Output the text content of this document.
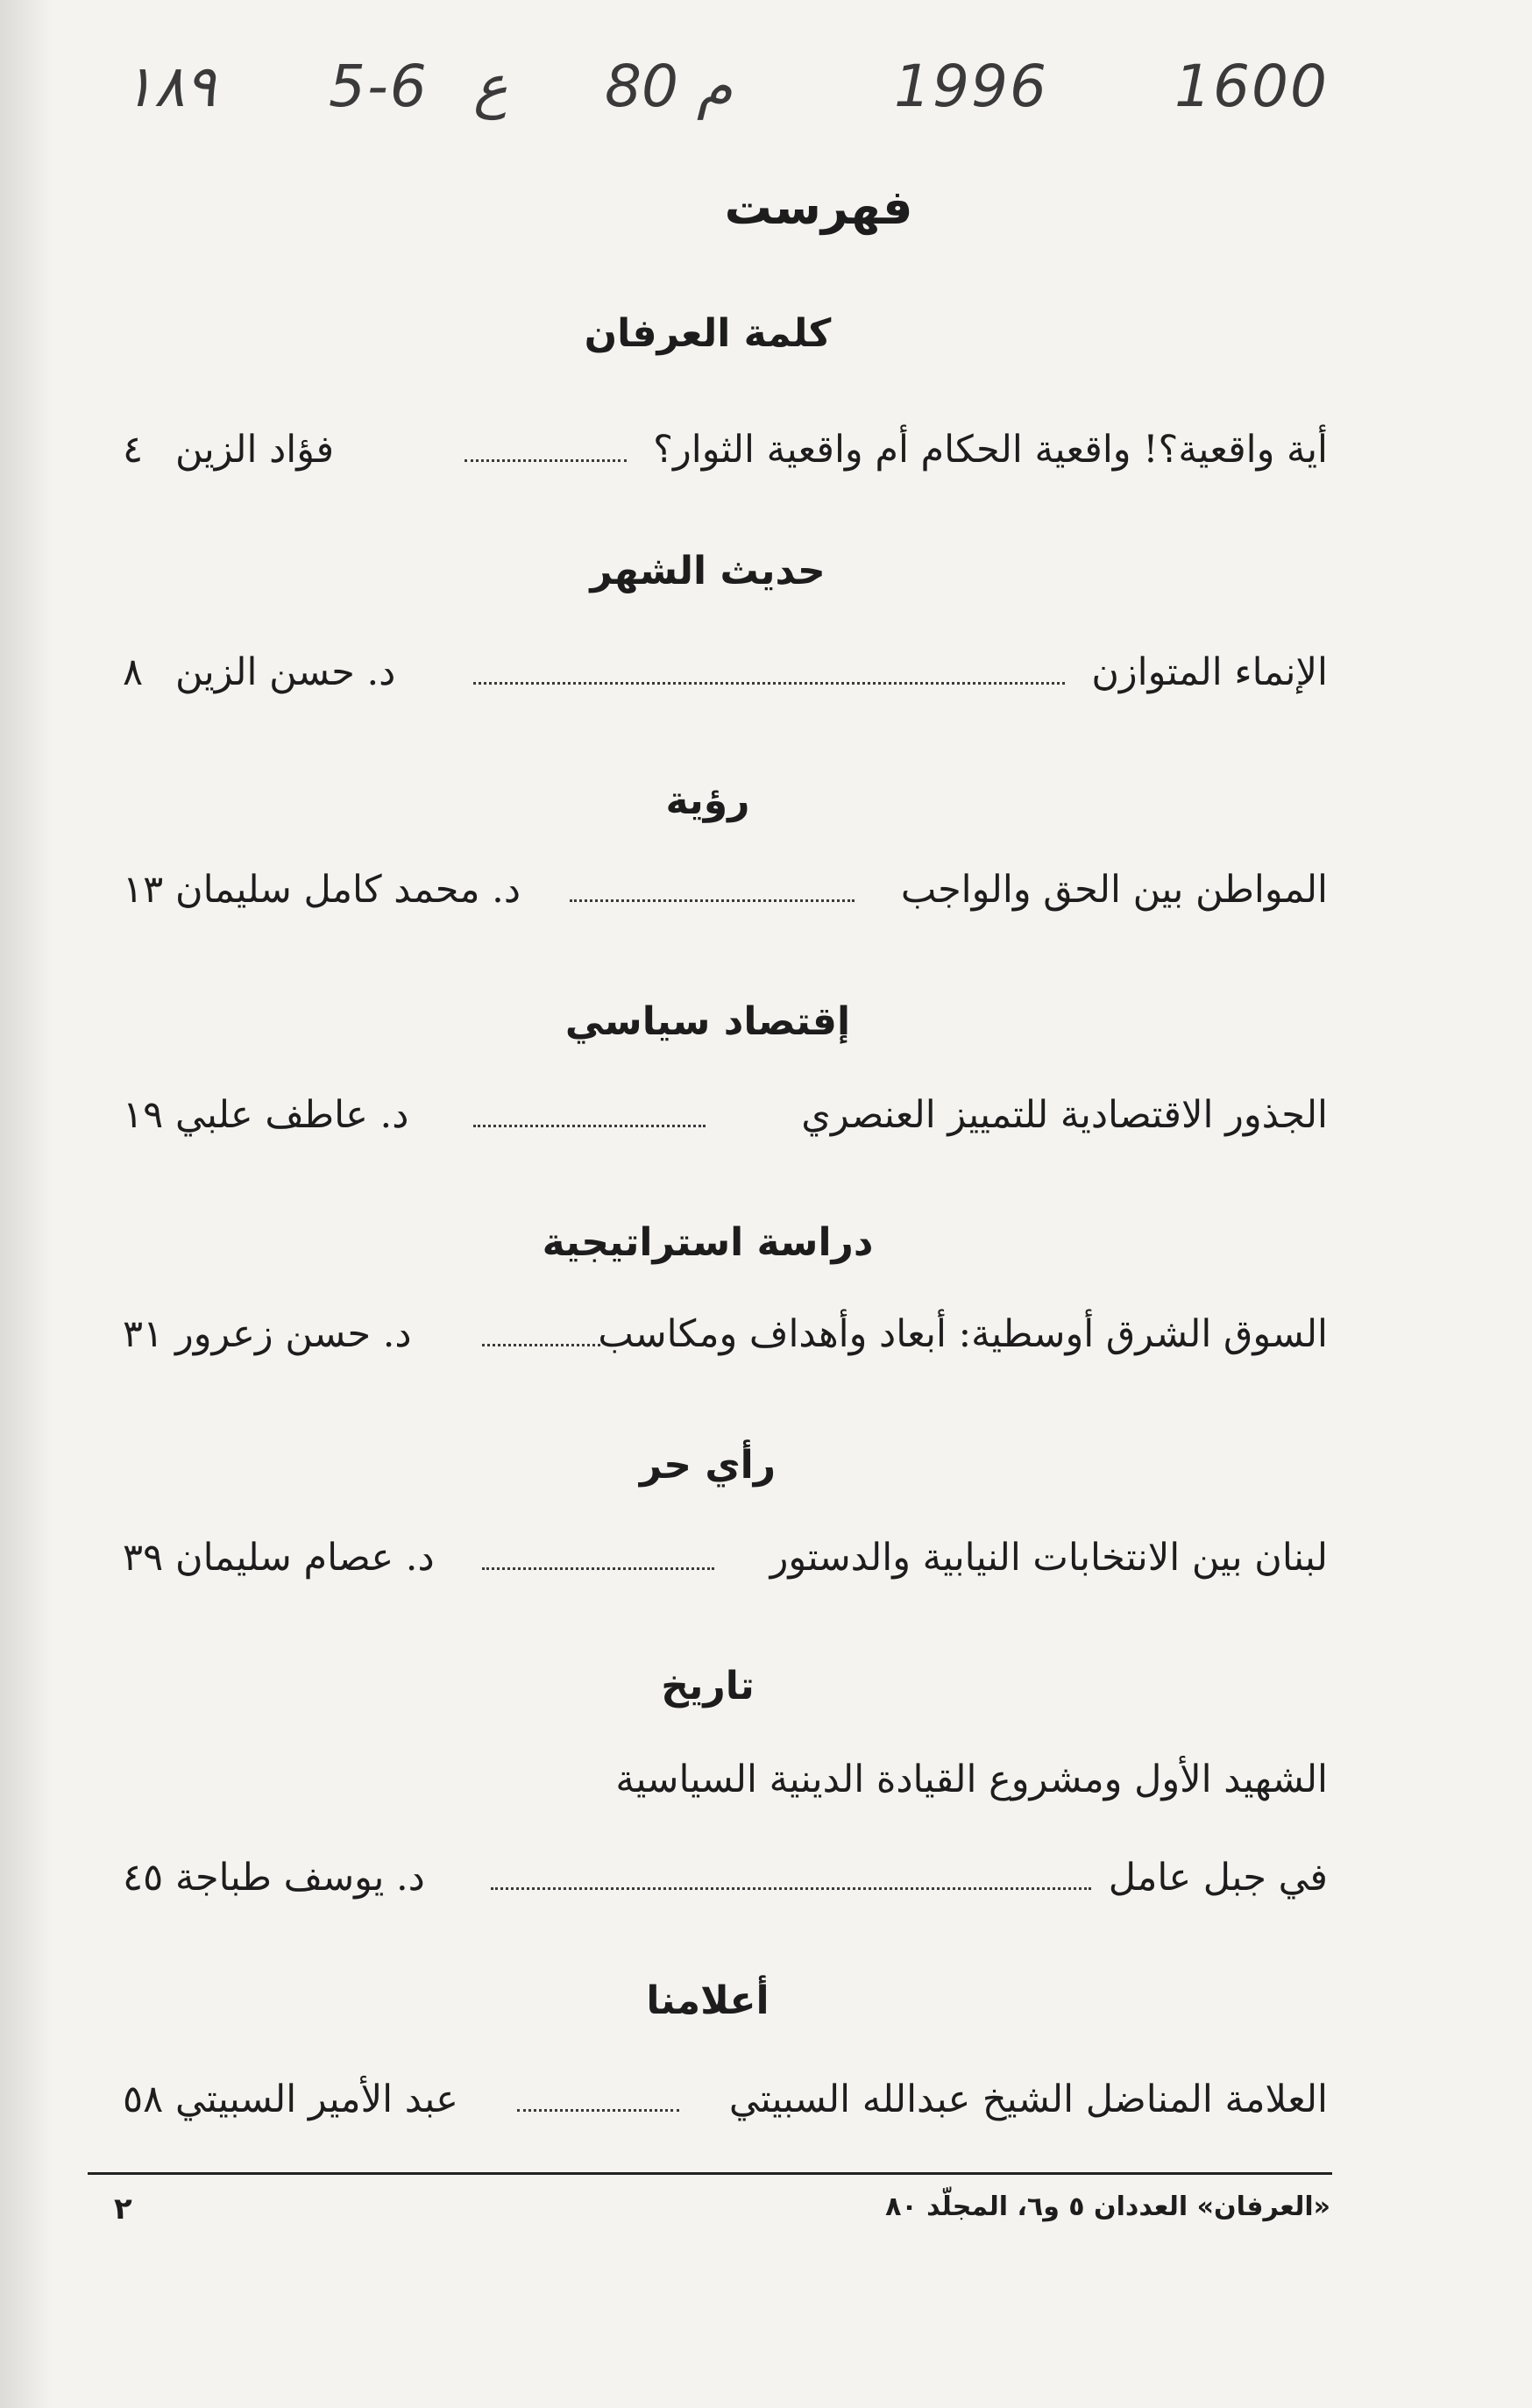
١٨٩ 5-6 ع م 80	1996 1600
فهرست
كلمة العرفان
أية واقعية؟! واقعية الحكام أم واقعية الثوار؟
فؤاد الزين
٤
حديث الشهر
الإنماء المتوازن
د. حسن الزين
٨
رؤية
المواطن بين الحق والواجب
د. محمد كامل سليمان
١٣
إقتصاد سياسي
الجذور الاقتصادية للتمييز العنصري
د. عاطف علبي
١٩
دراسة استراتيجية
السوق الشرق أوسطية: أبعاد وأهداف ومكاسب
د. حسن زعرور
٣١
رأي حر
لبنان بين الانتخابات النيابية والدستور
د. عصام سليمان
٣٩
تاريخ
الشهيد الأول ومشروع القيادة الدينية السياسية
في جبل عامل
د. يوسف طباجة
٤٥
أعلامنا
العلامة المناضل الشيخ عبدالله السبيتي
عبد الأمير السبيتي
٥٨
٢	«العرفان» العددان ٥ و٦، المجلّد ٨٠
